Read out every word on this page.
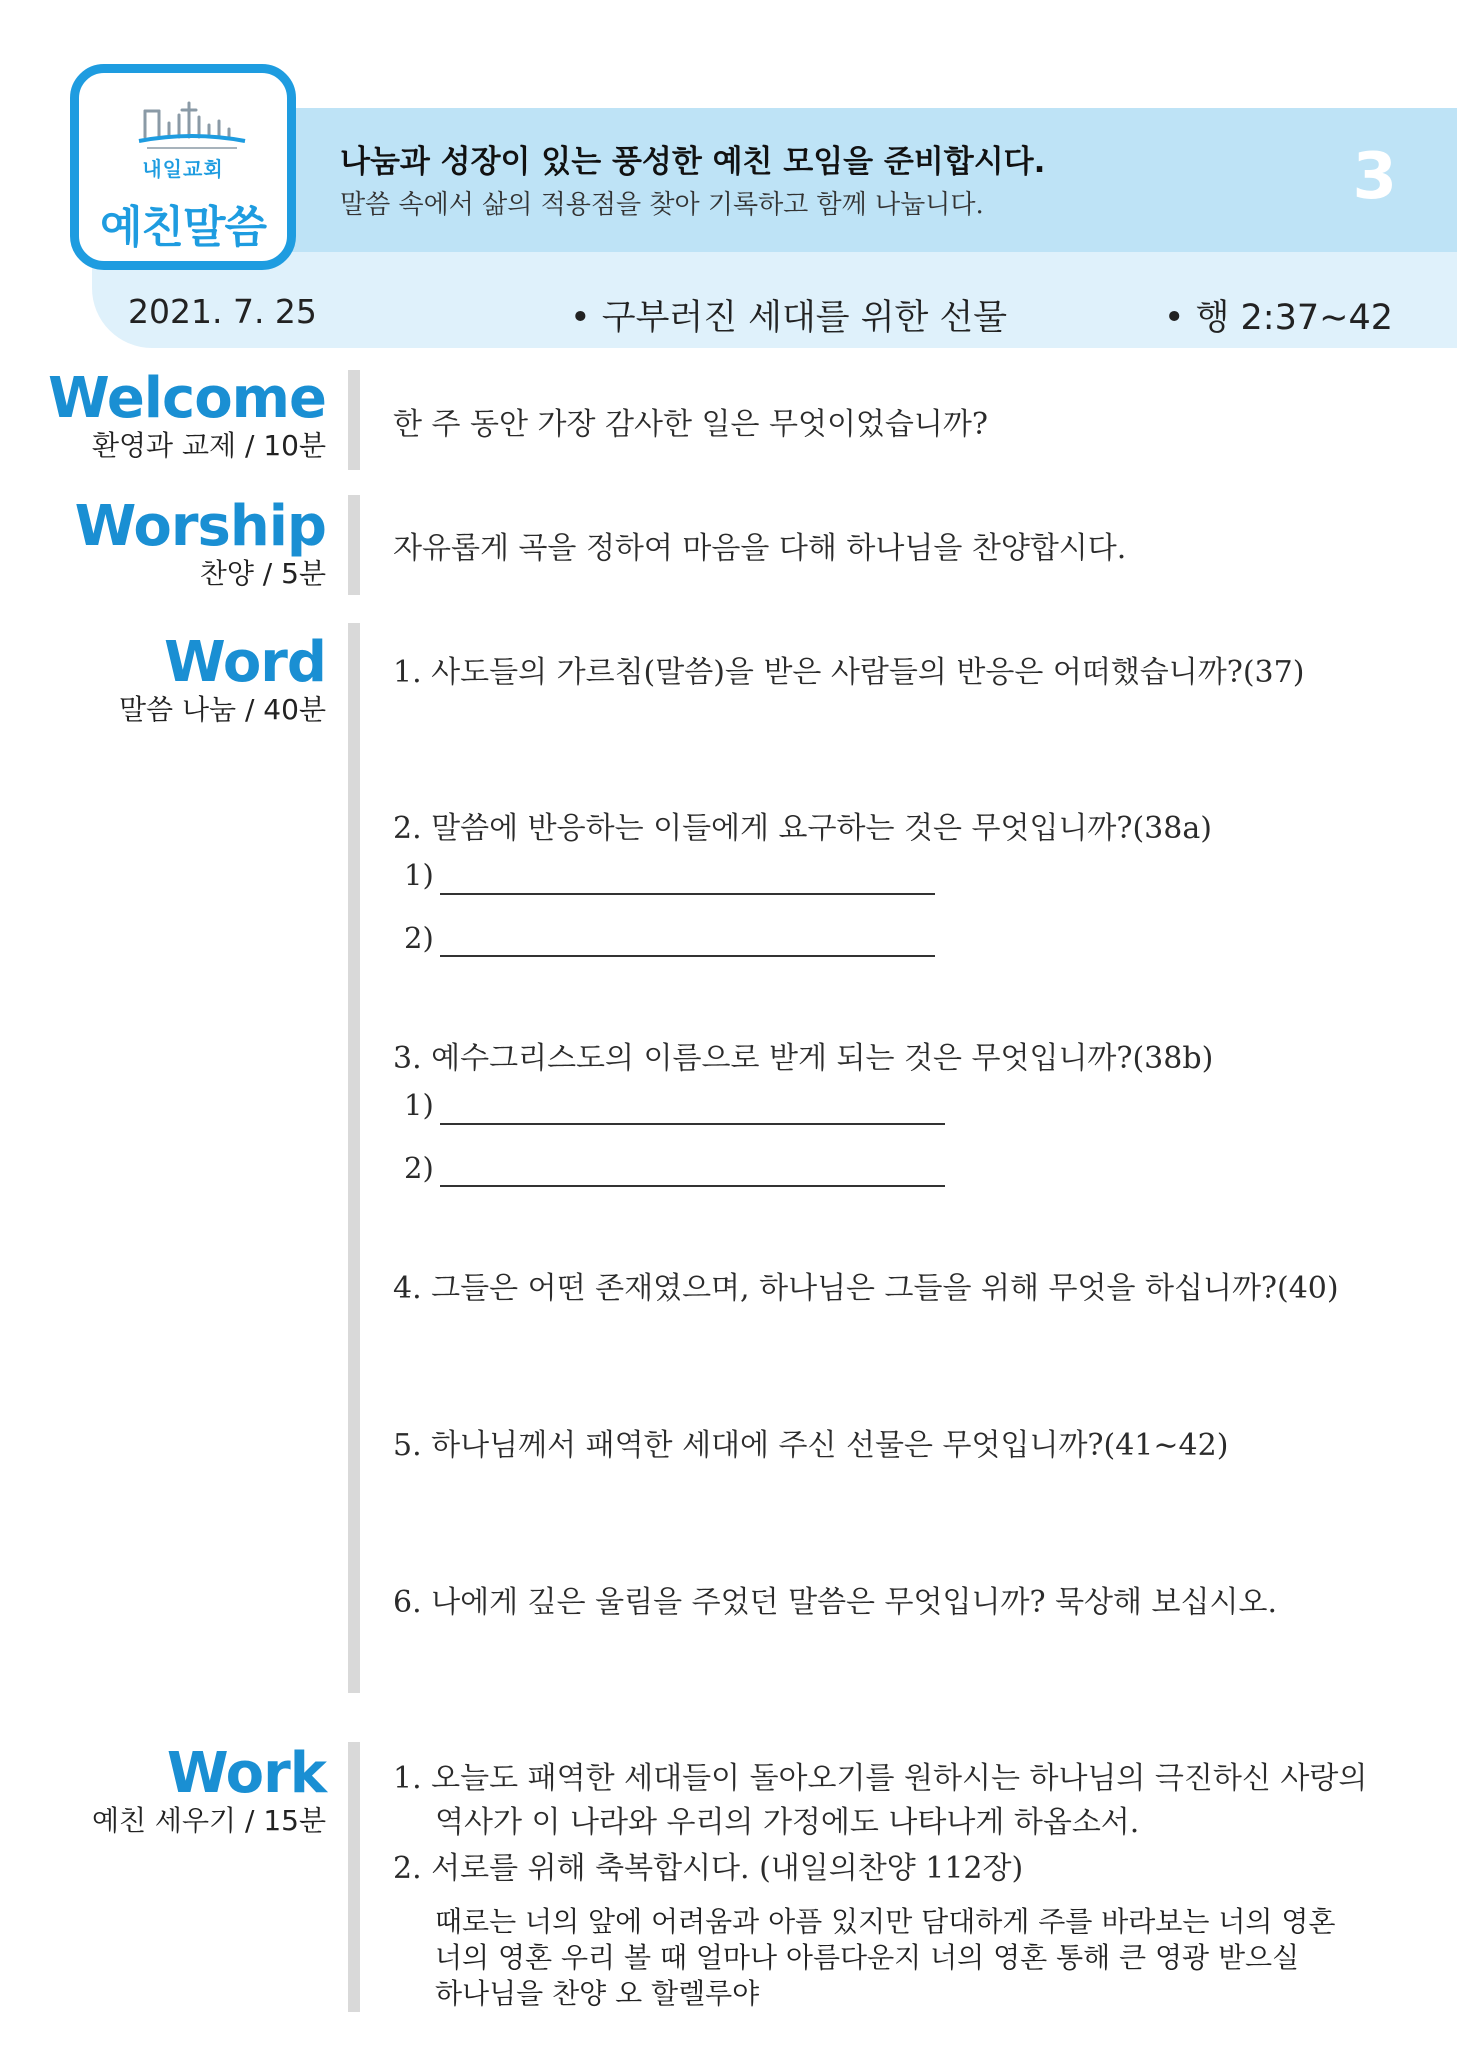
내일교회
예친말씀
나눔과 성장이 있는 풍성한 예친 모임을 준비합시다.
말씀 속에서 삶의 적용점을 찾아 기록하고 함께 나눕니다.	3
2021. 7. 25	• 구부러진 세대를 위한 선물	• 행 2:37∼42
Welcome
환영과 교제 / 10분
한 주 동안 가장 감사한 일은 무엇이었습니까?
Worship
찬양 / 5분
자유롭게 곡을 정하여 마음을 다해 하나님을 찬양합시다.
Word
말씀 나눔 / 40분
1. 사도들의 가르침(말씀)을 받은 사람들의 반응은 어떠했습니까?(37)
2. 말씀에 반응하는 이들에게 요구하는 것은 무엇입니까?(38a)
1)
2)
3. 예수그리스도의 이름으로 받게 되는 것은 무엇입니까?(38b)
1)
2)
4. 그들은 어떤 존재였으며, 하나님은 그들을 위해 무엇을 하십니까?(40)
5. 하나님께서 패역한 세대에 주신 선물은 무엇입니까?(41∼42)
6. 나에게 깊은 울림을 주었던 말씀은 무엇입니까? 묵상해 보십시오.
Work
예친 세우기 / 15분
1. 오늘도 패역한 세대들이 돌아오기를 원하시는 하나님의 극진하신 사랑의
역사가 이 나라와 우리의 가정에도 나타나게 하옵소서.
2. 서로를 위해 축복합시다. (내일의찬양 112장)
때로는 너의 앞에 어려움과 아픔 있지만 담대하게 주를 바라보는 너의 영혼
너의 영혼 우리 볼 때 얼마나 아름다운지 너의 영혼 통해 큰 영광 받으실
하나님을 찬양 오 할렐루야
